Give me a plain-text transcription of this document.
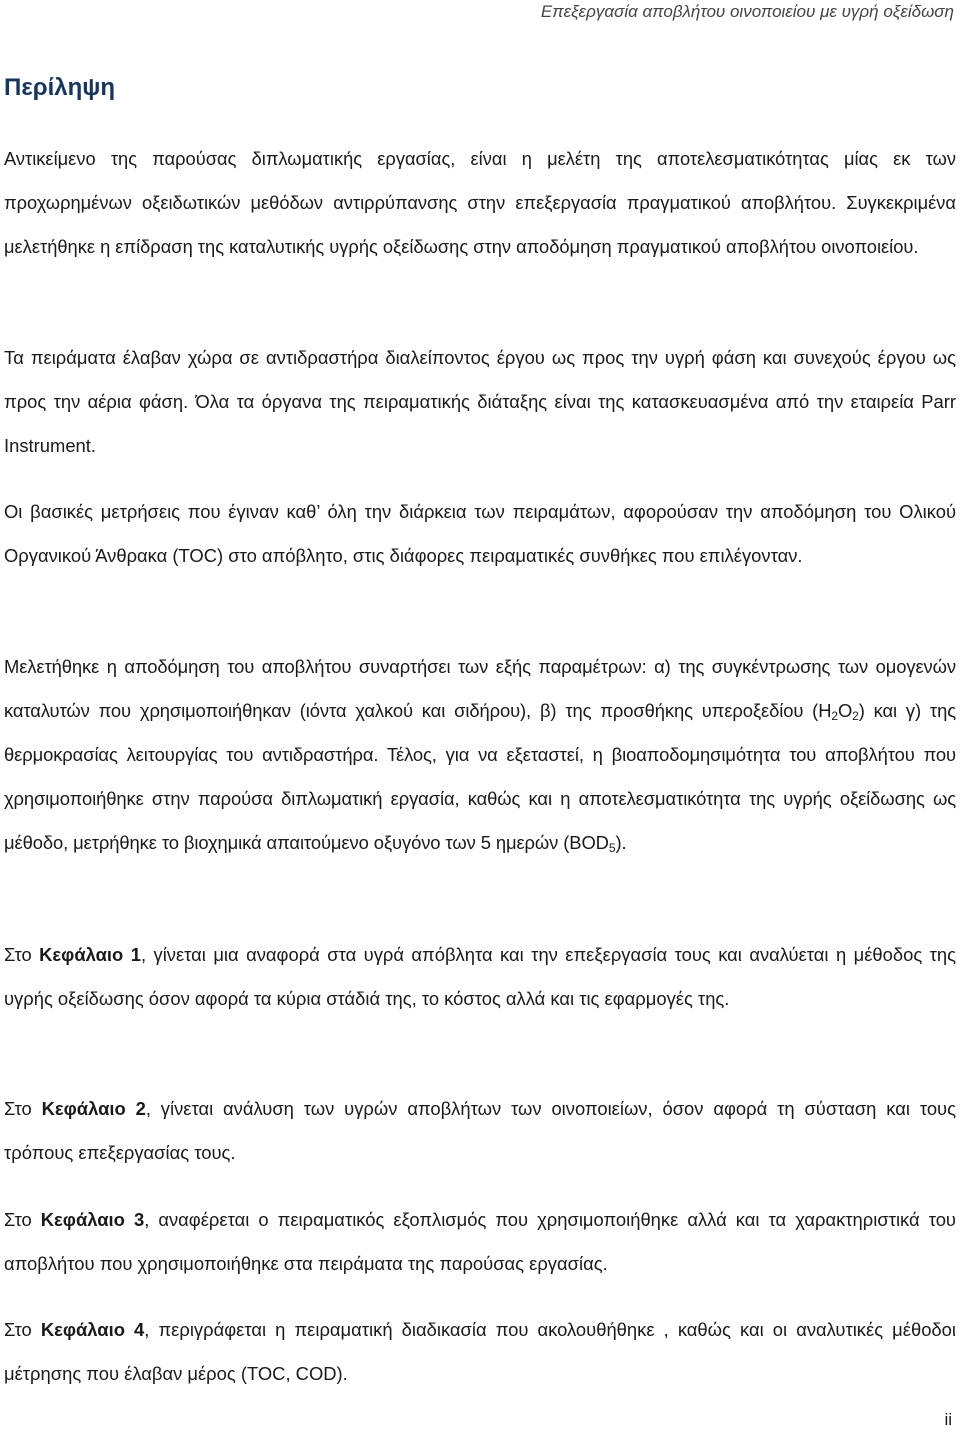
Επεξεργασία αποβλήτου οινοποιείου με υγρή οξείδωση
Περίληψη

Αντικείμενο της παρούσας διπλωματικής εργασίας, είναι η μελέτη της αποτελεσματικότητας μίας εκ των προχωρημένων οξειδωτικών μεθόδων αντιρρύπανσης στην επεξεργασία πραγματικού αποβλήτου. Συγκεκριμένα μελετήθηκε η επίδραση της καταλυτικής υγρής οξείδωσης στην αποδόμηση πραγματικού αποβλήτου οινοποιείου.

Τα πειράματα έλαβαν χώρα σε αντιδραστήρα διαλείποντος έργου ως προς την υγρή φάση και συνεχούς έργου ως προς την αέρια φάση. Όλα τα όργανα της πειραματικής διάταξης είναι της κατασκευασμένα από την εταιρεία Parr Instrument.

Οι βασικές μετρήσεις που έγιναν καθ’ όλη την διάρκεια των πειραμάτων, αφορούσαν την αποδόμηση του Ολικού Οργανικού Άνθρακα (TOC) στο απόβλητο, στις διάφορες πειραματικές συνθήκες που επιλέγονταν.

Μελετήθηκε η αποδόμηση του αποβλήτου συναρτήσει των εξής παραμέτρων: α) της συγκέντρωσης των ομογενών καταλυτών που χρησιμοποιήθηκαν (ιόντα χαλκού και σιδήρου), β) της προσθήκης υπεροξεδίου $(H_2O_2)$ και γ) της θερμοκρασίας λειτουργίας του αντιδραστήρα. Τέλος, για να εξεταστεί, η βιοαποδομησιμότητα του αποβλήτου που χρησιμοποιήθηκε στην παρούσα διπλωματική εργασία, καθώς και η αποτελεσματικότητα της υγρής οξείδωσης ως μέθοδο, μετρήθηκε το βιοχημικά απαιτούμενο οξυγόνο των 5 ημερών $(BOD_5)$.

Στο Κεφάλαιο 1, γίνεται μια αναφορά στα υγρά απόβλητα και την επεξεργασία τους και αναλύεται η μέθοδος της υγρής οξείδωσης όσον αφορά τα κύρια στάδιά της, το κόστος αλλά και τις εφαρμογές της.

Στο Κεφάλαιο 2, γίνεται ανάλυση των υγρών αποβλήτων των οινοποιείων, όσον αφορά τη σύσταση και τους τρόπους επεξεργασίας τους.

Στο Κεφάλαιο 3, αναφέρεται ο πειραματικός εξοπλισμός που χρησιμοποιήθηκε αλλά και τα χαρακτηριστικά του αποβλήτου που χρησιμοποιήθηκε στα πειράματα της παρούσας εργασίας.

Στο Κεφάλαιο 4, περιγράφεται η πειραματική διαδικασία που ακολουθήθηκε , καθώς και οι αναλυτικές μέθοδοι μέτρησης που έλαβαν μέρος (TOC, COD).

ii
